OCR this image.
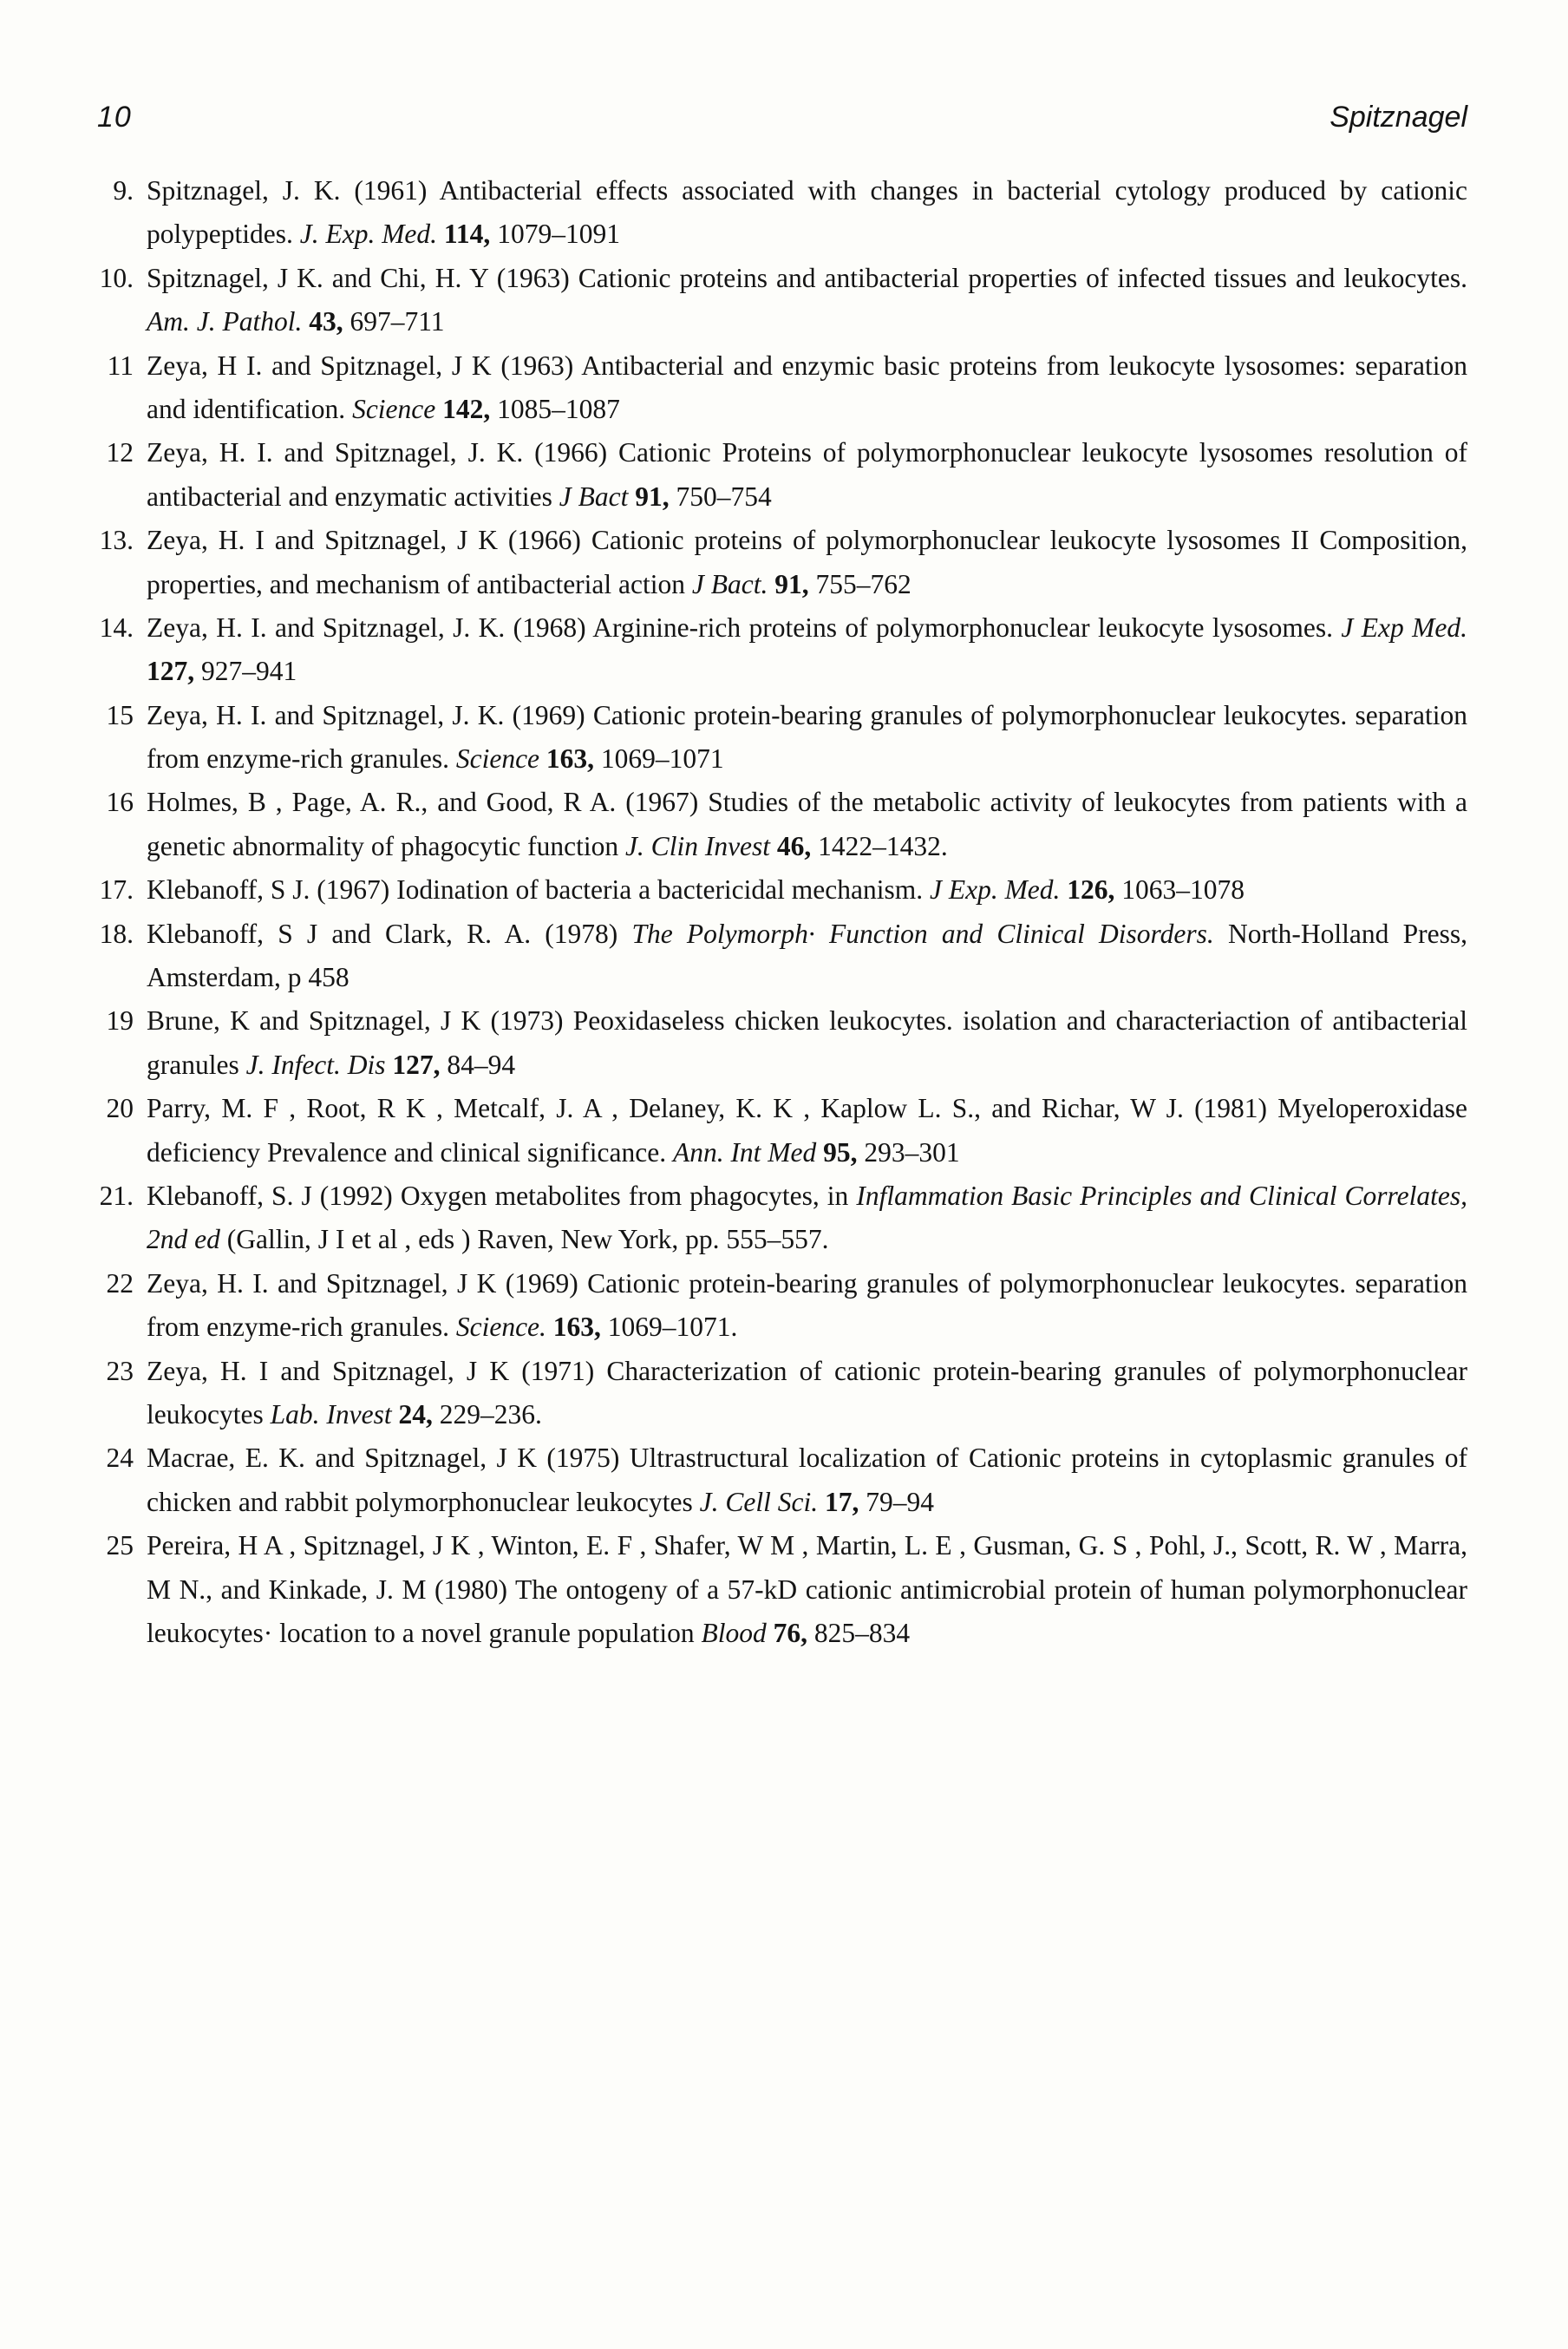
10	Spitznagel
9. Spitznagel, J. K. (1961) Antibacterial effects associated with changes in bacterial cytology produced by cationic polypeptides. J. Exp. Med. 114, 1079–1091
10. Spitznagel, J K. and Chi, H. Y (1963) Cationic proteins and antibacterial properties of infected tissues and leukocytes. Am. J. Pathol. 43, 697–711
11 Zeya, H I. and Spitznagel, J K (1963) Antibacterial and enzymic basic proteins from leukocyte lysosomes: separation and identification. Science 142, 1085–1087
12 Zeya, H. I. and Spitznagel, J. K. (1966) Cationic Proteins of polymorphonuclear leukocyte lysosomes resolution of antibacterial and enzymatic activities J Bact 91, 750–754
13. Zeya, H. I and Spitznagel, J K (1966) Cationic proteins of polymorphonuclear leukocyte lysosomes II Composition, properties, and mechanism of antibacterial action J Bact. 91, 755–762
14. Zeya, H. I. and Spitznagel, J. K. (1968) Arginine-rich proteins of polymorphonuclear leukocyte lysosomes. J Exp Med. 127, 927–941
15 Zeya, H. I. and Spitznagel, J. K. (1969) Cationic protein-bearing granules of polymorphonuclear leukocytes. separation from enzyme-rich granules. Science 163, 1069–1071
16 Holmes, B , Page, A. R., and Good, R A. (1967) Studies of the metabolic activity of leukocytes from patients with a genetic abnormality of phagocytic function J. Clin Invest 46, 1422–1432.
17. Klebanoff, S J. (1967) Iodination of bacteria a bactericidal mechanism. J Exp. Med. 126, 1063–1078
18. Klebanoff, S J and Clark, R. A. (1978) The Polymorph· Function and Clinical Disorders. North-Holland Press, Amsterdam, p 458
19 Brune, K and Spitznagel, J K (1973) Peoxidaseless chicken leukocytes. isolation and characteriaction of antibacterial granules J. Infect. Dis 127, 84–94
20 Parry, M. F , Root, R K , Metcalf, J. A , Delaney, K. K , Kaplow L. S., and Richar, W J. (1981) Myeloperoxidase deficiency Prevalence and clinical significance. Ann. Int Med 95, 293–301
21. Klebanoff, S. J (1992) Oxygen metabolites from phagocytes, in Inflammation Basic Principles and Clinical Correlates, 2nd ed (Gallin, J I et al , eds ) Raven, New York, pp. 555–557.
22 Zeya, H. I. and Spitznagel, J K (1969) Cationic protein-bearing granules of polymorphonuclear leukocytes. separation from enzyme-rich granules. Science. 163, 1069–1071.
23 Zeya, H. I and Spitznagel, J K (1971) Characterization of cationic protein-bearing granules of polymorphonuclear leukocytes Lab. Invest 24, 229–236.
24 Macrae, E. K. and Spitznagel, J K (1975) Ultrastructural localization of Cationic proteins in cytoplasmic granules of chicken and rabbit polymorphonuclear leukocytes J. Cell Sci. 17, 79–94
25 Pereira, H A , Spitznagel, J K , Winton, E. F , Shafer, W M , Martin, L. E , Gusman, G. S , Pohl, J., Scott, R. W , Marra, M N., and Kinkade, J. M (1980) The ontogeny of a 57-kD cationic antimicrobial protein of human polymorphonuclear leukocytes· location to a novel granule population Blood 76, 825–834
